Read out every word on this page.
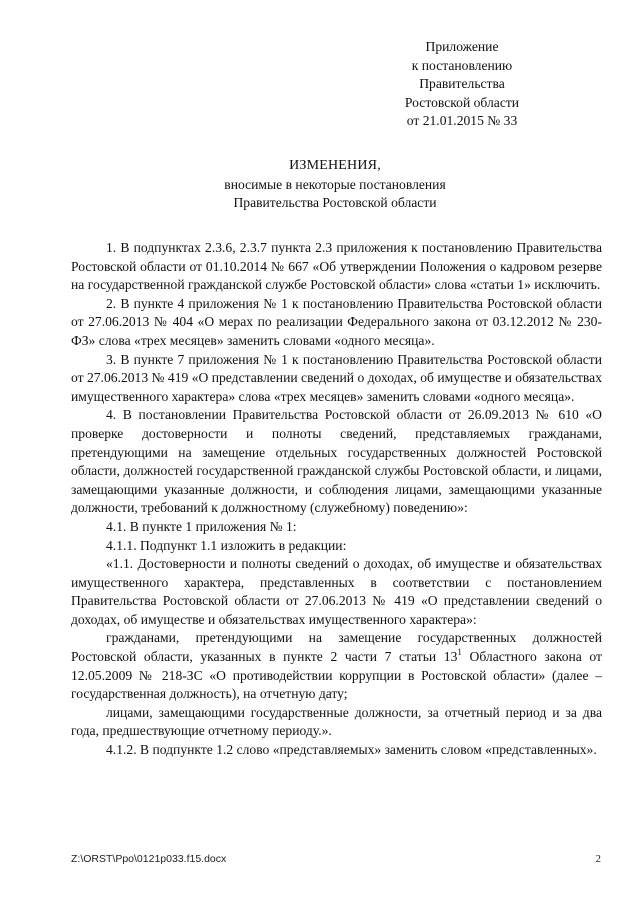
Приложение
к постановлению
Правительства
Ростовской области
от 21.01.2015 № 33
ИЗМЕНЕНИЯ,
вносимые в некоторые постановления
Правительства Ростовской области

1. В подпунктах 2.3.6, 2.3.7 пункта 2.3 приложения к постановлению Правительства Ростовской области от 01.10.2014 № 667 «Об утверждении Положения о кадровом резерве на государственной гражданской службе Ростовской области» слова «статьи 1» исключить.

2. В пункте 4 приложения № 1 к постановлению Правительства Ростовской области от 27.06.2013 № 404 «О мерах по реализации Федерального закона от 03.12.2012 № 230-ФЗ» слова «трех месяцев» заменить словами «одного месяца».

3. В пункте 7 приложения № 1 к постановлению Правительства Ростовской области от 27.06.2013 № 419 «О представлении сведений о доходах, об имуществе и обязательствах имущественного характера» слова «трех месяцев» заменить словами «одного месяца».

4. В постановлении Правительства Ростовской области от 26.09.2013 № 610 «О проверке достоверности и полноты сведений, представляемых гражданами, претендующими на замещение отдельных государственных должностей Ростовской области, должностей государственной гражданской службы Ростовской области, и лицами, замещающими указанные должности, и соблюдения лицами, замещающими указанные должности, требований к должностному (служебному) поведению»:

4.1. В пункте 1 приложения № 1:

4.1.1. Подпункт 1.1 изложить в редакции:

«1.1. Достоверности и полноты сведений о доходах, об имуществе и обязательствах имущественного характера, представленных в соответствии с постановлением Правительства Ростовской области от 27.06.2013 № 419 «О представлении сведений о доходах, об имуществе и обязательствах имущественного характера»:

гражданами, претендующими на замещение государственных должностей Ростовской области, указанных в пункте 2 части 7 статьи $13^1$ Областного закона от 12.05.2009 № 218-ЗС «О противодействии коррупции в Ростовской области» (далее – государственная должность), на отчетную дату;

лицами, замещающими государственные должности, за отчетный период и за два года, предшествующие отчетному периоду.».

4.1.2. В подпункте 1.2 слово «представляемых» заменить словом «представленных».

Z:\ORST\Ppo\0121p033.f15.docx	2
